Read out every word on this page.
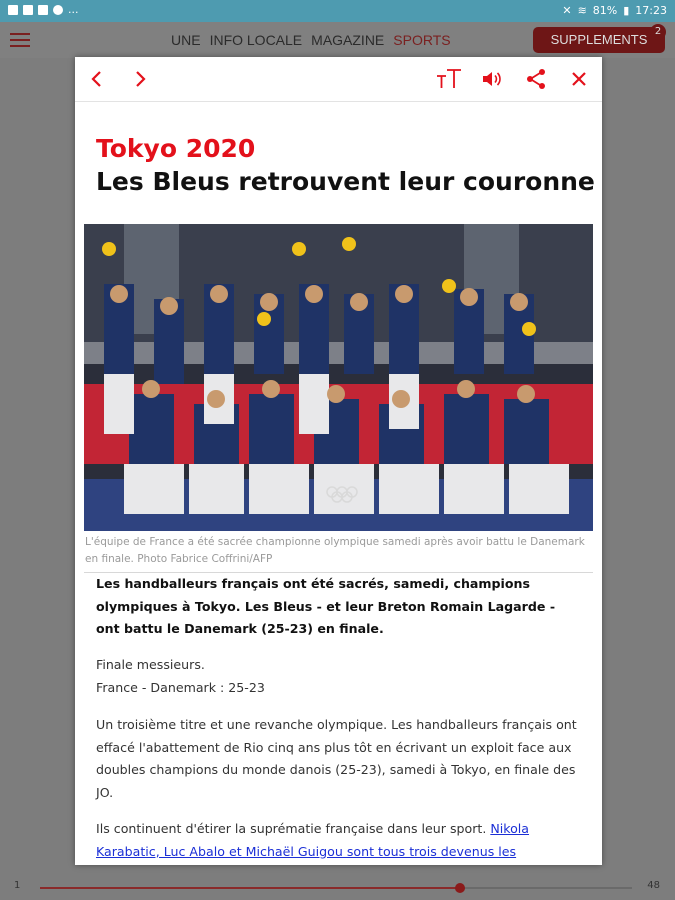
...	✕ ≋ 81% ▮ 17:23
UNE INFO LOCALE MAGAZINE SPORTS	SUPPLEMENTS
2
1	48
Tokyo 2020
Les Bleus retrouvent leur couronne

L'équipe de France a été sacrée championne olympique samedi après avoir battu le Danemark en finale. Photo Fabrice Coffrini/AFP

Les handballeurs français ont été sacrés, samedi, champions olympiques à Tokyo. Les Bleus - et leur Breton Romain Lagarde - ont battu le Danemark (25-23) en finale.

Finale messieurs.
France - Danemark : 25-23

Un troisième titre et une revanche olympique. Les handballeurs français ont effacé l'abattement de Rio cinq ans plus tôt en écrivant un exploit face aux doubles champions du monde danois (25-23), samedi à Tokyo, en finale des JO.

Ils continuent d'étirer la suprématie française dans leur sport. Nikola Karabatic, Luc Abalo et Michaël Guigou sont tous trois devenus les
